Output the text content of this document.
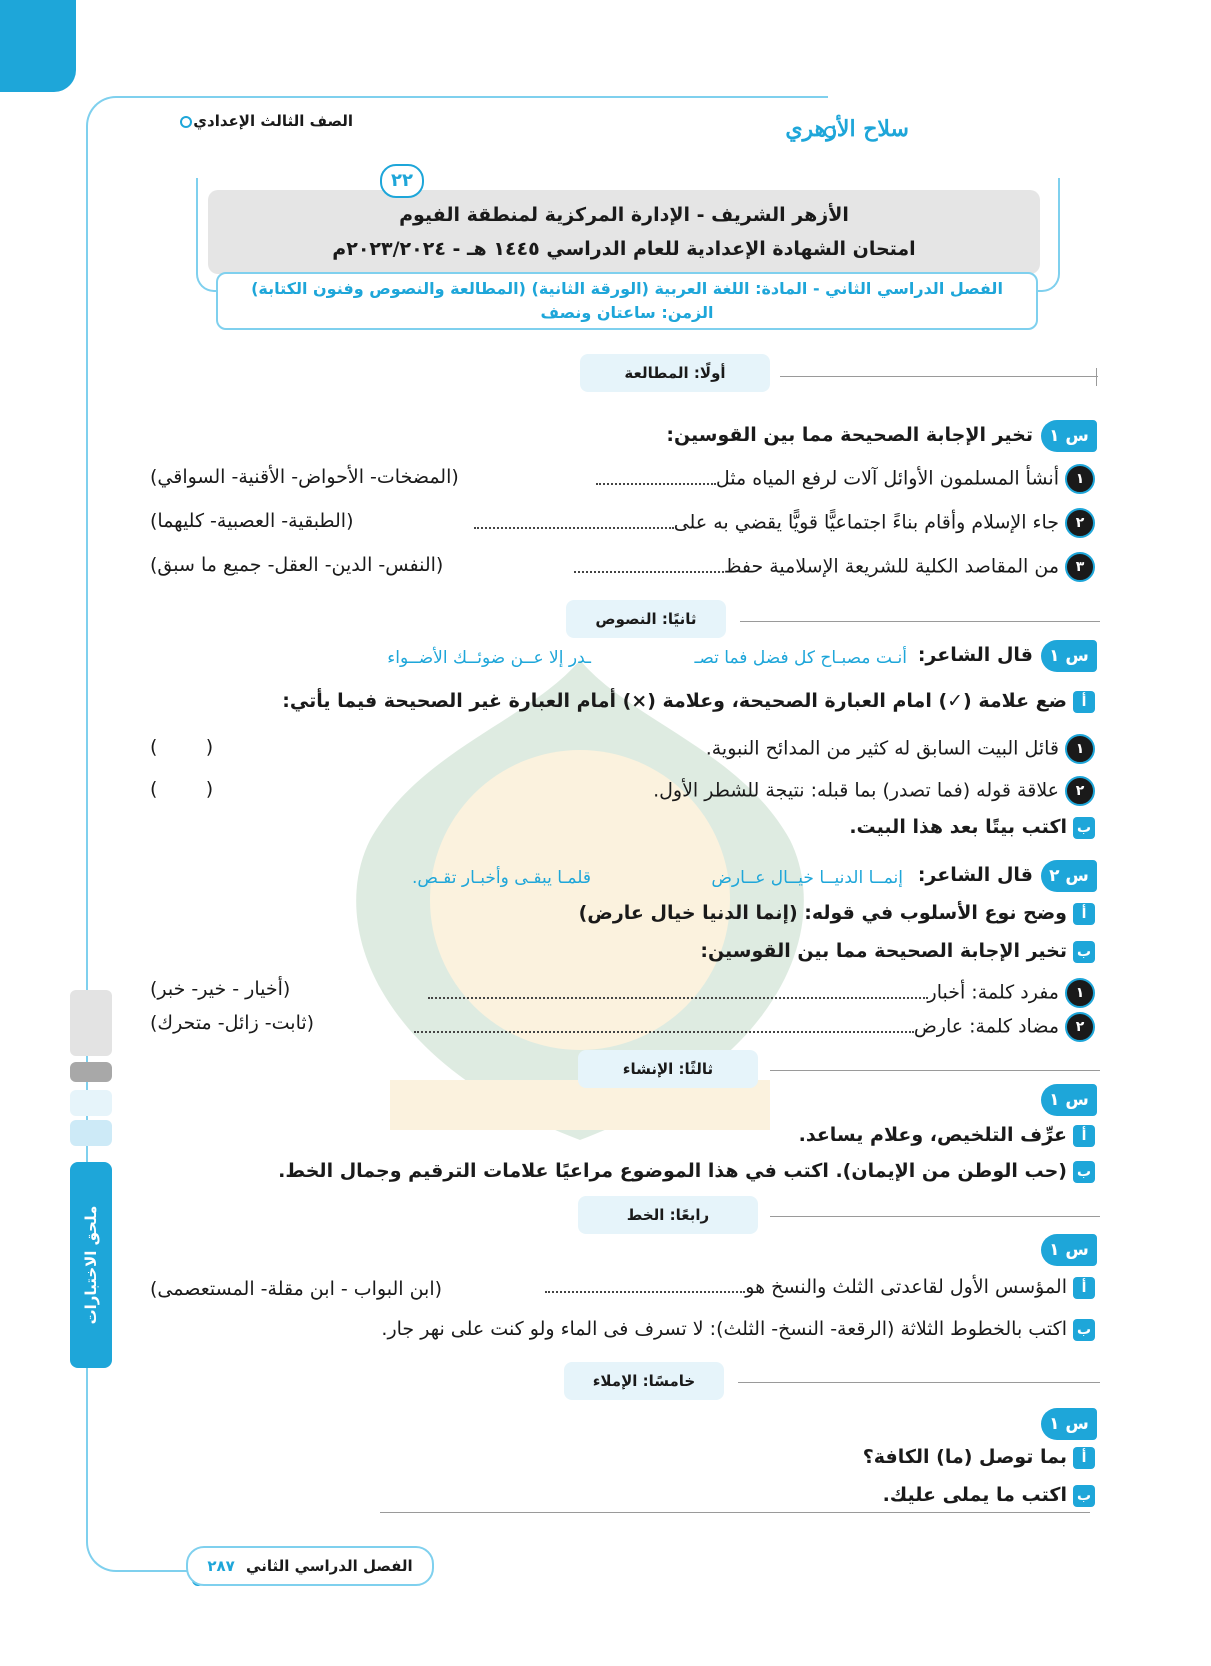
الصف الثالث الإعدادي	سلاح الأزهري
الأزهر الشريف - الإدارة المركزية لمنطقة الفيوم
امتحان الشهادة الإعدادية للعام الدراسي ١٤٤٥ هـ - ٢٠٢٣/٢٠٢٤م
٢٢
الفصل الدراسي الثاني - المادة: اللغة العربية (الورقة الثانية) (المطالعة والنصوص وفنون الكتابة)
الزمن: ساعتان ونصف
أولًا: المطالعة
س ١
تخير الإجابة الصحيحة مما بين القوسين:
١أنشأ المسلمون الأوائل آلات لرفع المياه مثل
(المضخات- الأحواض- الأقنية- السواقي)
٢جاء الإسلام وأقام بناءً اجتماعيًّا قويًّا يقضي به على
(الطبقية- العصبية- كليهما)
٣من المقاصد الكلية للشريعة الإسلامية حفظ
(النفس- الدين- العقل- جميع ما سبق)
ثانيًا: النصوص
س ١
قال الشاعر:
أنـت مصبـاح كل فضل فما تصـ
ـدر إلا عــن ضوئــك الأضــواء
أضع علامة (✓) امام العبارة الصحيحة، وعلامة (×) أمام العبارة غير الصحيحة فيما يأتي:
١قائل البيت السابق له كثير من المدائح النبوية.
(        )
٢علاقة قوله (فما تصدر) بما قبله: نتيجة للشطر الأول.
(        )
باكتب بيتًا بعد هذا البيت.
س ٢
قال الشاعر:
إنمــا الدنيــا خيــال عــارض
قلمـا يبقـى وأخبـار تقـص.
أوضح نوع الأسلوب في قوله: (إنما الدنيا خيال عارض)
بتخير الإجابة الصحيحة مما بين القوسين:
١مفرد كلمة: أخبار
(أخيار - خير- خبر)
٢مضاد كلمة: عارض
(ثابت- زائل- متحرك)
ثالثًا: الإنشاء
س ١
أعرِّف التلخيص، وعلام يساعد.
ب(حب الوطن من الإيمان). اكتب في هذا الموضوع مراعيًا علامات الترقيم وجمال الخط.
رابعًا: الخط
س ١
أالمؤسس الأول لقاعدتى الثلث والنسخ هو
(ابن البواب - ابن مقلة- المستعصمى)
باكتب بالخطوط الثلاثة (الرقعة- النسخ- الثلث): لا تسرف فى الماء ولو كنت على نهر جار.
خامسًا: الإملاء
س ١
أبما توصل (ما) الكافة؟
باكتب ما يملى عليك.
ملحق الاختبارات
الفصل الدراسي الثاني ٢٨٧
